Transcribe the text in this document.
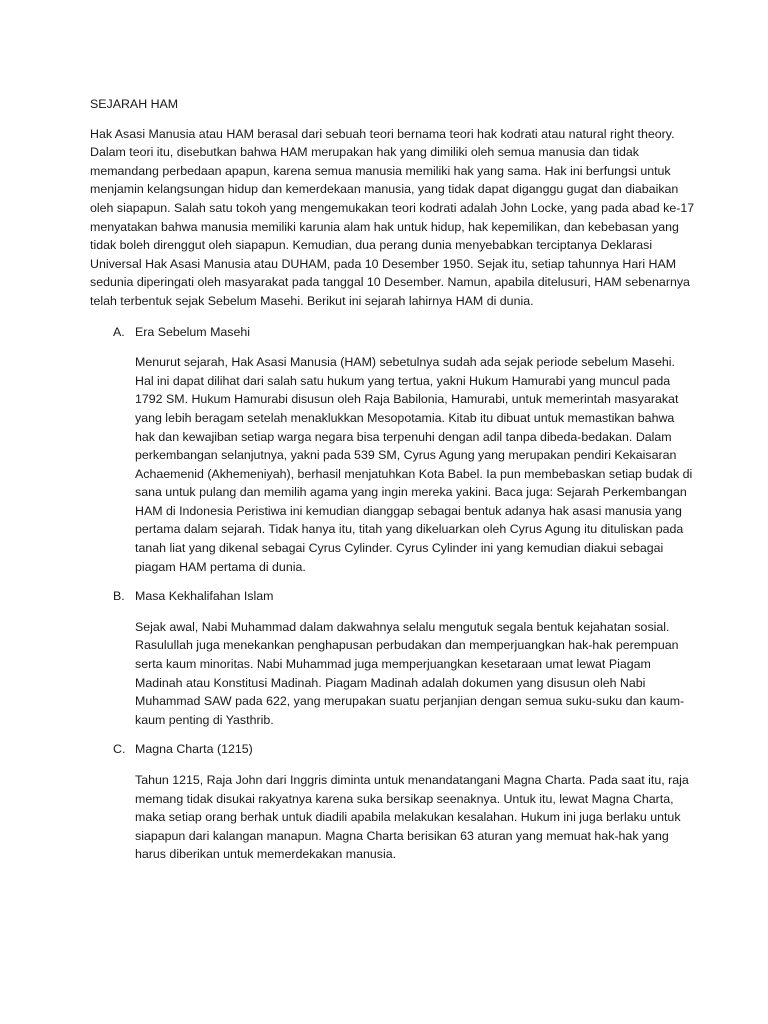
SEJARAH HAM

Hak Asasi Manusia atau HAM berasal dari sebuah teori bernama teori hak kodrati atau natural right theory. Dalam teori itu, disebutkan bahwa HAM merupakan hak yang dimiliki oleh semua manusia dan tidak memandang perbedaan apapun, karena semua manusia memiliki hak yang sama. Hak ini berfungsi untuk menjamin kelangsungan hidup dan kemerdekaan manusia, yang tidak dapat diganggu gugat dan diabaikan oleh siapapun. Salah satu tokoh yang mengemukakan teori kodrati adalah John Locke, yang pada abad ke-17 menyatakan bahwa manusia memiliki karunia alam hak untuk hidup, hak kepemilikan, dan kebebasan yang tidak boleh direnggut oleh siapapun. Kemudian, dua perang dunia menyebabkan terciptanya Deklarasi Universal Hak Asasi Manusia atau DUHAM, pada 10 Desember 1950. Sejak itu, setiap tahunnya Hari HAM sedunia diperingati oleh masyarakat pada tanggal 10 Desember. Namun, apabila ditelusuri, HAM sebenarnya telah terbentuk sejak Sebelum Masehi. Berikut ini sejarah lahirnya HAM di dunia.

A. Era Sebelum Masehi

Menurut sejarah, Hak Asasi Manusia (HAM) sebetulnya sudah ada sejak periode sebelum Masehi. Hal ini dapat dilihat dari salah satu hukum yang tertua, yakni Hukum Hamurabi yang muncul pada 1792 SM. Hukum Hamurabi disusun oleh Raja Babilonia, Hamurabi, untuk memerintah masyarakat yang lebih beragam setelah menaklukkan Mesopotamia. Kitab itu dibuat untuk memastikan bahwa hak dan kewajiban setiap warga negara bisa terpenuhi dengan adil tanpa dibeda-bedakan. Dalam perkembangan selanjutnya, yakni pada 539 SM, Cyrus Agung yang merupakan pendiri Kekaisaran Achaemenid (Akhemeniyah), berhasil menjatuhkan Kota Babel. Ia pun membebaskan setiap budak di sana untuk pulang dan memilih agama yang ingin mereka yakini. Baca juga: Sejarah Perkembangan HAM di Indonesia Peristiwa ini kemudian dianggap sebagai bentuk adanya hak asasi manusia yang pertama dalam sejarah. Tidak hanya itu, titah yang dikeluarkan oleh Cyrus Agung itu dituliskan pada tanah liat yang dikenal sebagai Cyrus Cylinder. Cyrus Cylinder ini yang kemudian diakui sebagai piagam HAM pertama di dunia.

B. Masa Kekhalifahan Islam

Sejak awal, Nabi Muhammad dalam dakwahnya selalu mengutuk segala bentuk kejahatan sosial. Rasulullah juga menekankan penghapusan perbudakan dan memperjuangkan hak-hak perempuan serta kaum minoritas. Nabi Muhammad juga memperjuangkan kesetaraan umat lewat Piagam Madinah atau Konstitusi Madinah. Piagam Madinah adalah dokumen yang disusun oleh Nabi Muhammad SAW pada 622, yang merupakan suatu perjanjian dengan semua suku-suku dan kaum-kaum penting di Yasthrib.

C. Magna Charta (1215)

Tahun 1215, Raja John dari Inggris diminta untuk menandatangani Magna Charta. Pada saat itu, raja memang tidak disukai rakyatnya karena suka bersikap seenaknya. Untuk itu, lewat Magna Charta, maka setiap orang berhak untuk diadili apabila melakukan kesalahan. Hukum ini juga berlaku untuk siapapun dari kalangan manapun. Magna Charta berisikan 63 aturan yang memuat hak-hak yang harus diberikan untuk memerdekakan manusia.
